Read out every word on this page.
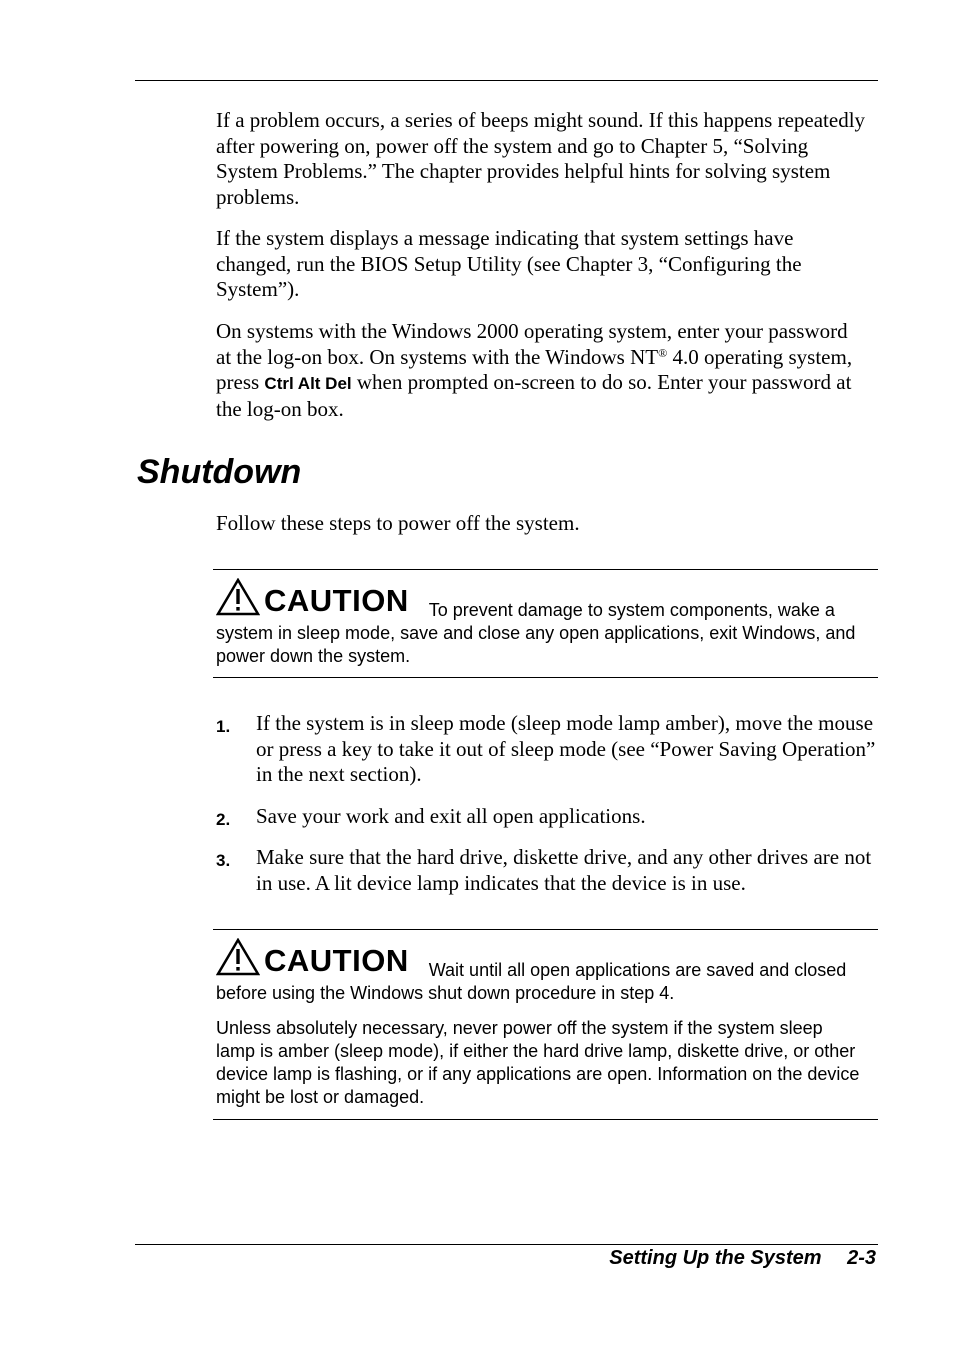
If a problem occurs, a series of beeps might sound. If this happens repeatedly after powering on, power off the system and go to Chapter 5, “Solving System Problems.” The chapter provides helpful hints for solving system problems.

If the system displays a message indicating that system settings have changed, run the BIOS Setup Utility (see Chapter 3, “Configuring the System”).

On systems with the Windows 2000 operating system, enter your password at the log-on box. On systems with the Windows NT® 4.0 operating system, press Ctrl Alt Del when prompted on-screen to do so. Enter your password at the log-on box.

Shutdown

Follow these steps to power off the system.

CAUTION To prevent damage to system components, wake a system in sleep mode, save and close any open applications, exit Windows, and power down the system.
1. If the system is in sleep mode (sleep mode lamp amber), move the mouse or press a key to take it out of sleep mode (see “Power Saving Operation” in the next section).

2. Save your work and exit all open applications.

3. Make sure that the hard drive, diskette drive, and any other drives are not in use. A lit device lamp indicates that the device is in use.

CAUTION Wait until all open applications are saved and closed before using the Windows shut down procedure in step 4.

Unless absolutely necessary, never power off the system if the system sleep lamp is amber (sleep mode), if either the hard drive lamp, diskette drive, or other device lamp is flashing, or if any applications are open. Information on the device might be lost or damaged.

Setting Up the System 2-3
